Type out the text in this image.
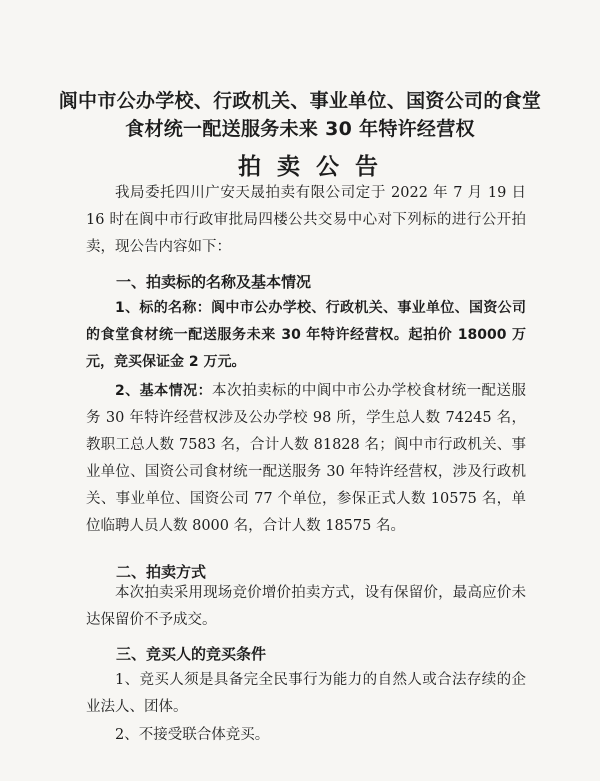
阆中市公办学校、行政机关、事业单位、国资公司的食堂
食材统一配送服务未来 30 年特许经营权
拍卖公告

我局委托四川广安天晟拍卖有限公司定于 2022 年 7 月 19 日 16 时在阆中市行政审批局四楼公共交易中心对下列标的进行公开拍卖，现公告内容如下：

一、拍卖标的名称及基本情况

1、标的名称：阆中市公办学校、行政机关、事业单位、国资公司的食堂食材统一配送服务未来 30 年特许经营权。起拍价 18000 万元，竞买保证金 2 万元。

2、基本情况：本次拍卖标的中阆中市公办学校食材统一配送服务 30 年特许经营权涉及公办学校 98 所，学生总人数 74245 名，教职工总人数 7583 名，合计人数 81828 名；阆中市行政机关、事业单位、国资公司食材统一配送服务 30 年特许经营权，涉及行政机关、事业单位、国资公司 77 个单位，参保正式人数 10575 名，单位临聘人员人数 8000 名，合计人数 18575 名。

二、拍卖方式

本次拍卖采用现场竞价增价拍卖方式，设有保留价，最高应价未达保留价不予成交。

三、竞买人的竞买条件

1、竞买人须是具备完全民事行为能力的自然人或合法存续的企业法人、团体。

2、不接受联合体竞买。
